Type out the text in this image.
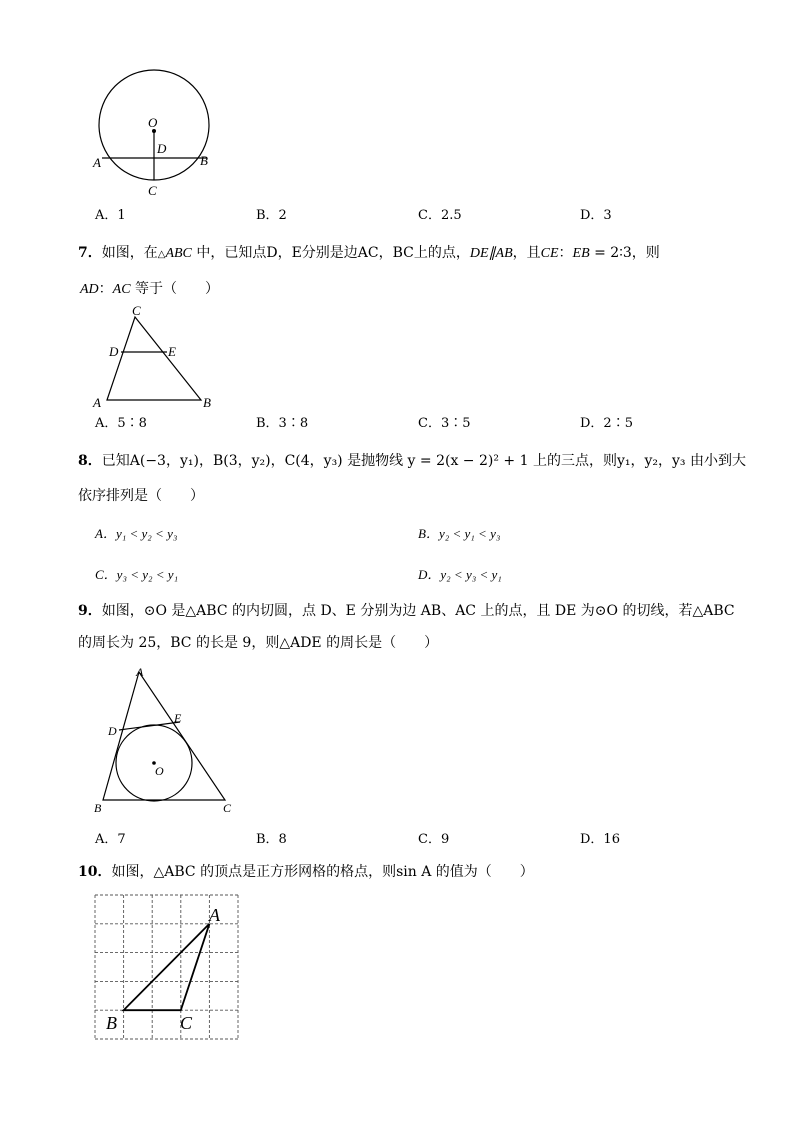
O
D
A	B
C
A．1	B．2	C．2.5	D．3
7．如图，在△ABC 中，已知点D，E分别是边AC，BC上的点，DE∥AB，且CE：EB = 2∶3，则
AD：AC 等于（　　）
C
D	E
A	B
A．5∶8	B．3∶8	C．3∶5	D．2∶5
8．已知A(−3，y₁)，B(3，y₂)，C(4，y₃) 是抛物线 y = 2(x − 2)² + 1 上的三点，则y₁，y₂，y₃ 由小到大
依序排列是（　　）
A．y₁ < y₂ < y₃	B．y₂ < y₁ < y₃
C．y₃ < y₂ < y₁	D．y₂ < y₃ < y₁
9．如图，⊙O 是△ABC 的内切圆，点 D、E 分别为边 AB、AC 上的点，且 DE 为⊙O 的切线，若△ABC
的周长为 25，BC 的长是 9，则△ADE 的周长是（　　）
A
D
E
O
B	C
A．7	B．8	C．9	D．16
10．如图，△ABC 的顶点是正方形网格的格点，则sin A 的值为（　　）
A
B	C
